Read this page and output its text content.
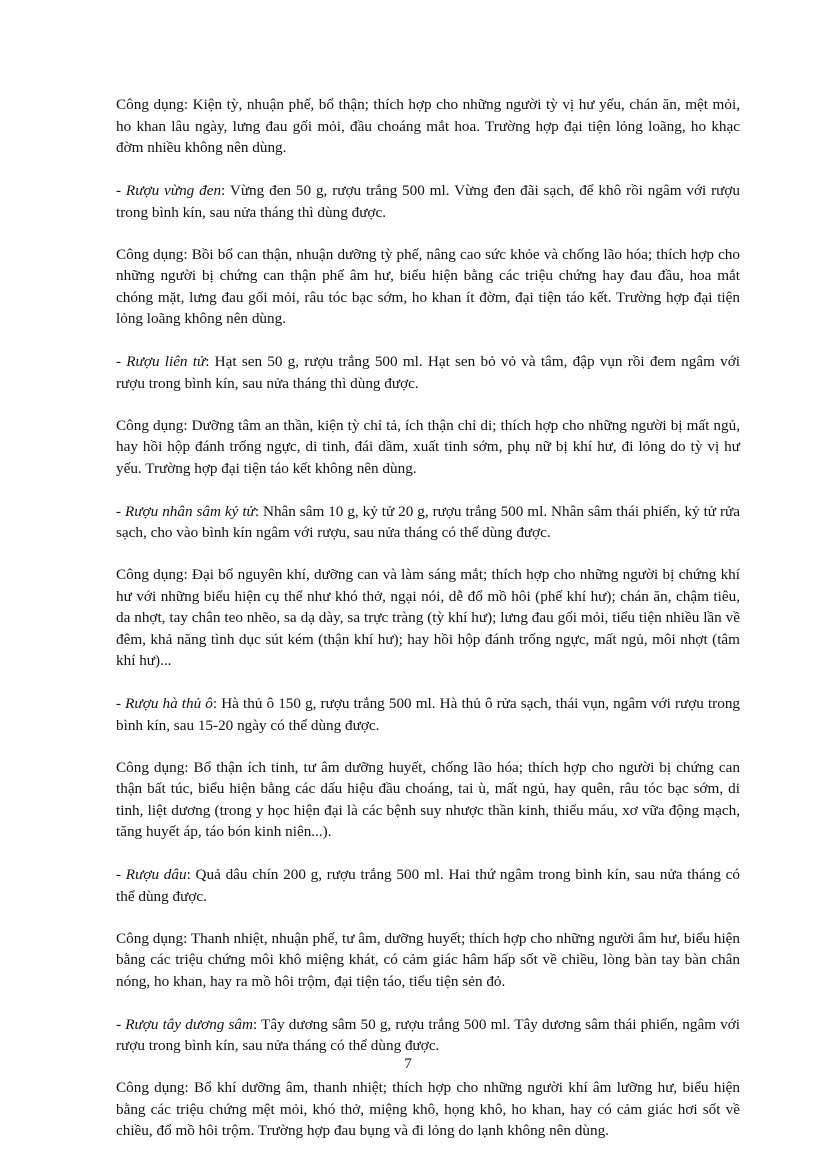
Công dụng: Kiện tỳ, nhuận phế, bổ thận; thích hợp cho những người tỳ vị hư yếu, chán ăn, mệt mỏi, ho khan lâu ngày, lưng đau gối mỏi, đầu choáng mắt hoa. Trường hợp đại tiện lỏng loãng, ho khạc đờm nhiều không nên dùng.

- Rượu vừng đen: Vừng đen 50 g, rượu trắng 500 ml. Vừng đen đãi sạch, để khô rồi ngâm với rượu trong bình kín, sau nửa tháng thì dùng được.

Công dụng: Bồi bổ can thận, nhuận dưỡng tỳ phế, nâng cao sức khỏe và chống lão hóa; thích hợp cho những người bị chứng can thận phế âm hư, biểu hiện bằng các triệu chứng hay đau đầu, hoa mắt chóng mặt, lưng đau gối mỏi, râu tóc bạc sớm, ho khan ít đờm, đại tiện táo kết. Trường hợp đại tiện lỏng loãng không nên dùng.

- Rượu liên tử: Hạt sen 50 g, rượu trắng 500 ml. Hạt sen bỏ vỏ và tâm, đập vụn rồi đem ngâm với rượu trong bình kín, sau nửa tháng thì dùng được.

Công dụng: Dưỡng tâm an thần, kiện tỳ chỉ tả, ích thận chỉ di; thích hợp cho những người bị mất ngủ, hay hồi hộp đánh trống ngực, di tinh, đái dầm, xuất tinh sớm, phụ nữ bị khí hư, đi lỏng do tỳ vị hư yếu. Trường hợp đại tiện táo kết không nên dùng.

- Rượu nhân sâm kỷ tử: Nhân sâm 10 g, kỷ tử 20 g, rượu trắng 500 ml. Nhân sâm thái phiến, kỷ tử rửa sạch, cho vào bình kín ngâm với rượu, sau nửa tháng có thể dùng được.

Công dụng: Đại bổ nguyên khí, dưỡng can và làm sáng mắt; thích hợp cho những người bị chứng khí hư với những biểu hiện cụ thể như khó thở, ngại nói, dễ đổ mồ hôi (phế khí hư); chán ăn, chậm tiêu, da nhợt, tay chân teo nhẽo, sa dạ dày, sa trực tràng (tỳ khí hư); lưng đau gối mỏi, tiểu tiện nhiều lần về đêm, khả năng tình dục sút kém (thận khí hư); hay hồi hộp đánh trống ngực, mất ngủ, môi nhợt (tâm khí hư)...

- Rượu hà thủ ô: Hà thủ ô 150 g, rượu trắng 500 ml. Hà thủ ô rửa sạch, thái vụn, ngâm với rượu trong bình kín, sau 15-20 ngày có thể dùng được.

Công dụng: Bổ thận ích tinh, tư âm dưỡng huyết, chống lão hóa; thích hợp cho người bị chứng can thận bất túc, biểu hiện bằng các dấu hiệu đầu choáng, tai ù, mất ngủ, hay quên, râu tóc bạc sớm, di tinh, liệt dương (trong y học hiện đại là các bệnh suy nhược thần kinh, thiếu máu, xơ vữa động mạch, tăng huyết áp, táo bón kinh niên...).

- Rượu dâu: Quả dâu chín 200 g, rượu trắng 500 ml. Hai thứ ngâm trong bình kín, sau nửa tháng có thể dùng được.

Công dụng: Thanh nhiệt, nhuận phế, tư âm, dưỡng huyết; thích hợp cho những người âm hư, biểu hiện bằng các triệu chứng môi khô miệng khát, có cảm giác hâm hấp sốt về chiều, lòng bàn tay bàn chân nóng, ho khan, hay ra mồ hôi trộm, đại tiện táo, tiểu tiện sẻn đỏ.

- Rượu tây dương sâm: Tây dương sâm 50 g, rượu trắng 500 ml. Tây dương sâm thái phiến, ngâm với rượu trong bình kín, sau nửa tháng có thể dùng được.

Công dụng: Bổ khí dưỡng âm, thanh nhiệt; thích hợp cho những người khí âm lưỡng hư, biểu hiện bằng các triệu chứng mệt mỏi, khó thở, miệng khô, họng khô, ho khan, hay có cảm giác hơi sốt về chiều, đổ mồ hôi trộm. Trường hợp đau bụng và đi lỏng do lạnh không nên dùng.

7
